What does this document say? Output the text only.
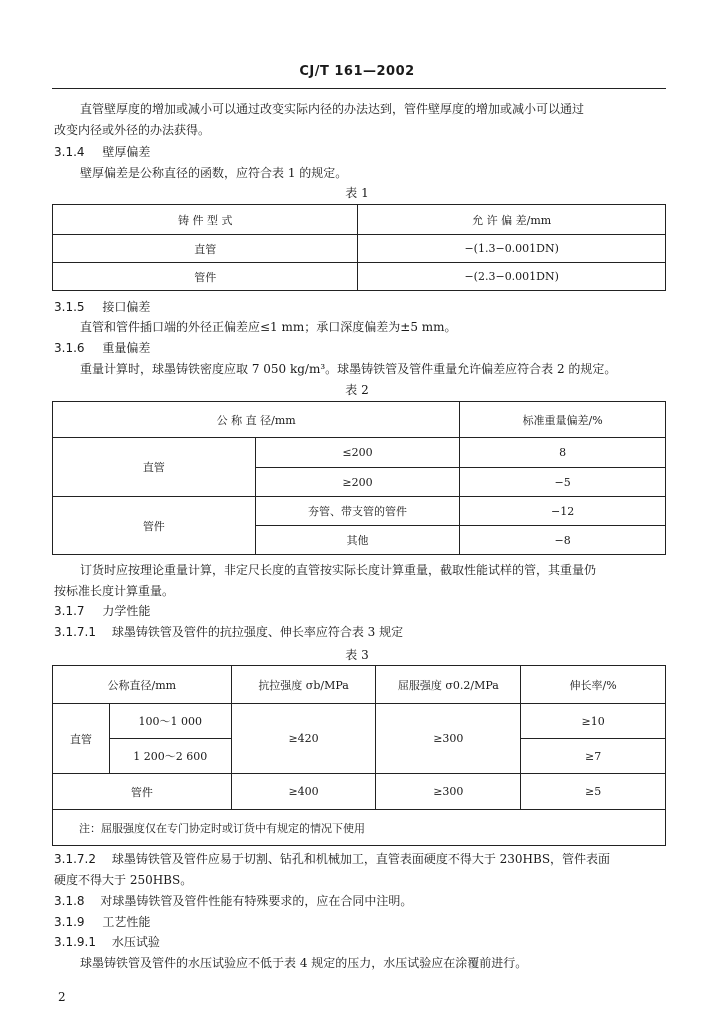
CJ/T 161—2002
直管壁厚度的增加或减小可以通过改变实际内径的办法达到，管件壁厚度的增加或减小可以通过
改变内径或外径的办法获得。
3.1.4 壁厚偏差
壁厚偏差是公称直径的函数，应符合表 1 的规定。
表 1
铸 件 型 式	允 许 偏 差/mm
直管	−(1.3−0.001DN)
管件	−(2.3−0.001DN)
3.1.5 接口偏差
直管和管件插口端的外径正偏差应≤1 mm；承口深度偏差为±5 mm。
3.1.6 重量偏差
重量计算时，球墨铸铁密度应取 7 050 kg/m³。球墨铸铁管及管件重量允许偏差应符合表 2 的规定。
表 2
公 称 直 径/mm		标准重量偏差/%
直管	≤200	8
	≥200	−5
管件	夯管、带支管的管件	−12
	其他	−8
订货时应按理论重量计算，非定尺长度的直管按实际长度计算重量，截取性能试样的管，其重量仍
按标准长度计算重量。
3.1.7 力学性能
3.1.7.1 球墨铸铁管及管件的抗拉强度、伸长率应符合表 3 规定
表 3
公称直径/mm		抗拉强度 σb/MPa	屈服强度 σ0.2/MPa	伸长率/%
直管	100～1 000	≥420	≥300	≥10
	1 200～2 600			≥7
管件		≥400	≥300	≥5
注：屈服强度仅在专门协定时或订货中有规定的情况下使用				
3.1.7.2 球墨铸铁管及管件应易于切割、钻孔和机械加工，直管表面硬度不得大于 230HBS，管件表面
硬度不得大于 250HBS。
3.1.8 对球墨铸铁管及管件性能有特殊要求的，应在合同中注明。
3.1.9 工艺性能
3.1.9.1 水压试验
球墨铸铁管及管件的水压试验应不低于表 4 规定的压力，水压试验应在涂覆前进行。
2
